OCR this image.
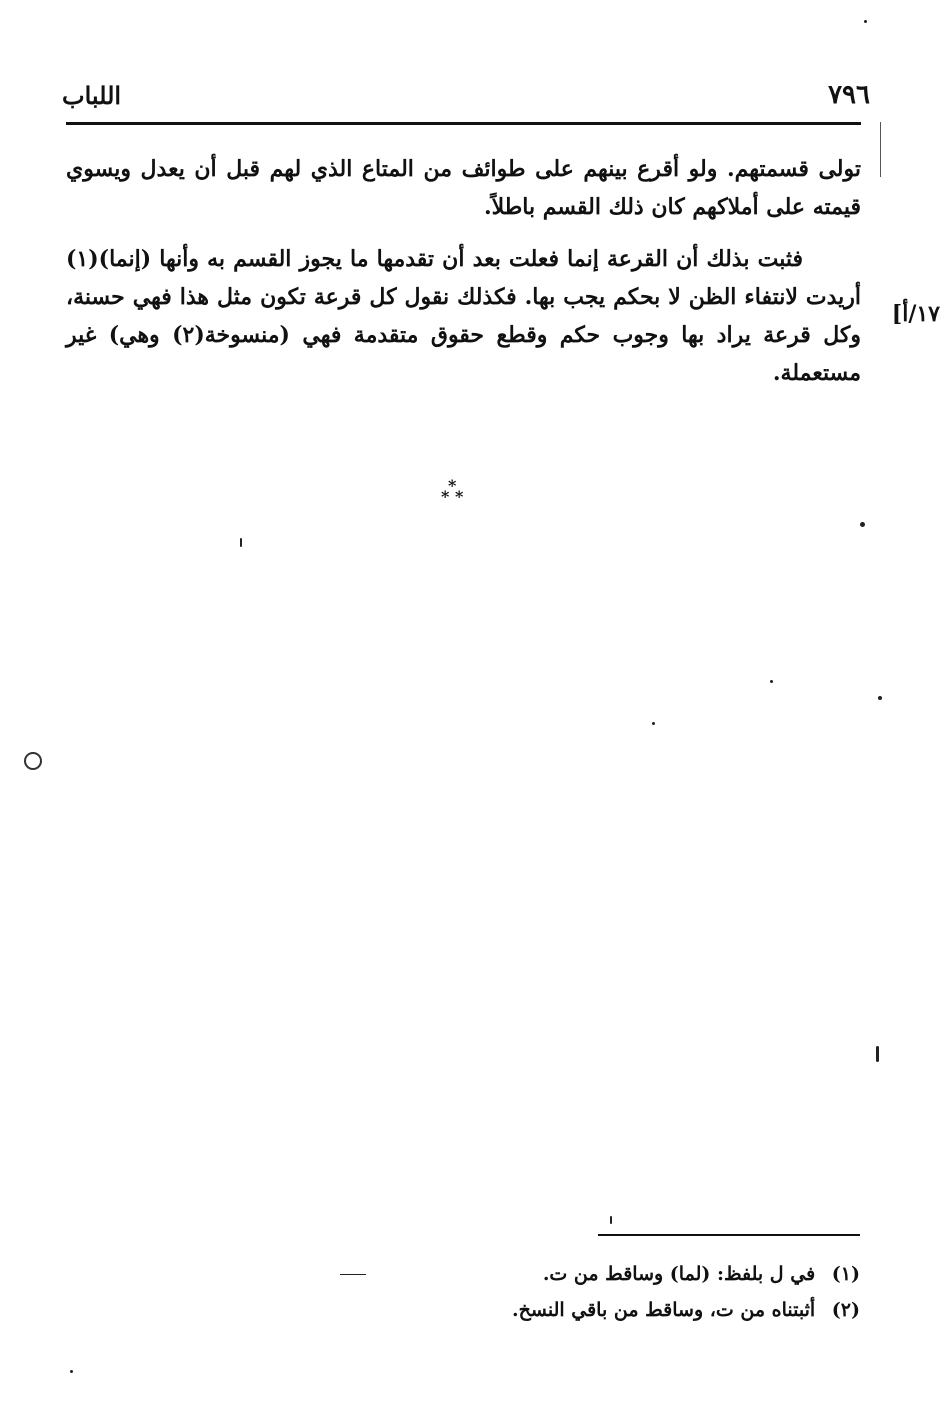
٧٩٦
اللباب

تولى قسمتهم. ولو أقرع بينهم على طوائف من المتاع الذي لهم قبل أن يعدل ويسوي قيمته على أملاكهم كان ذلك القسم باطلاً.

فثبت بذلك أن القرعة إنما فعلت بعد أن تقدمها ما يجوز القسم به وأنها (إنما)(١) أريدت لانتفاء الظن لا بحكم يجب بها. فكذلك نقول كل قرعة تكون مثل هذا فهي حسنة، وكل قرعة يراد بها وجوب حكم وقطع حقوق متقدمة فهي (منسوخة(٢) وهي) غير مستعملة.

١٧/أ]
*
* *

(١) في ل بلفظ: (لما) وساقط من ت.

(٢) أثبتناه من ت، وساقط من باقي النسخ.
